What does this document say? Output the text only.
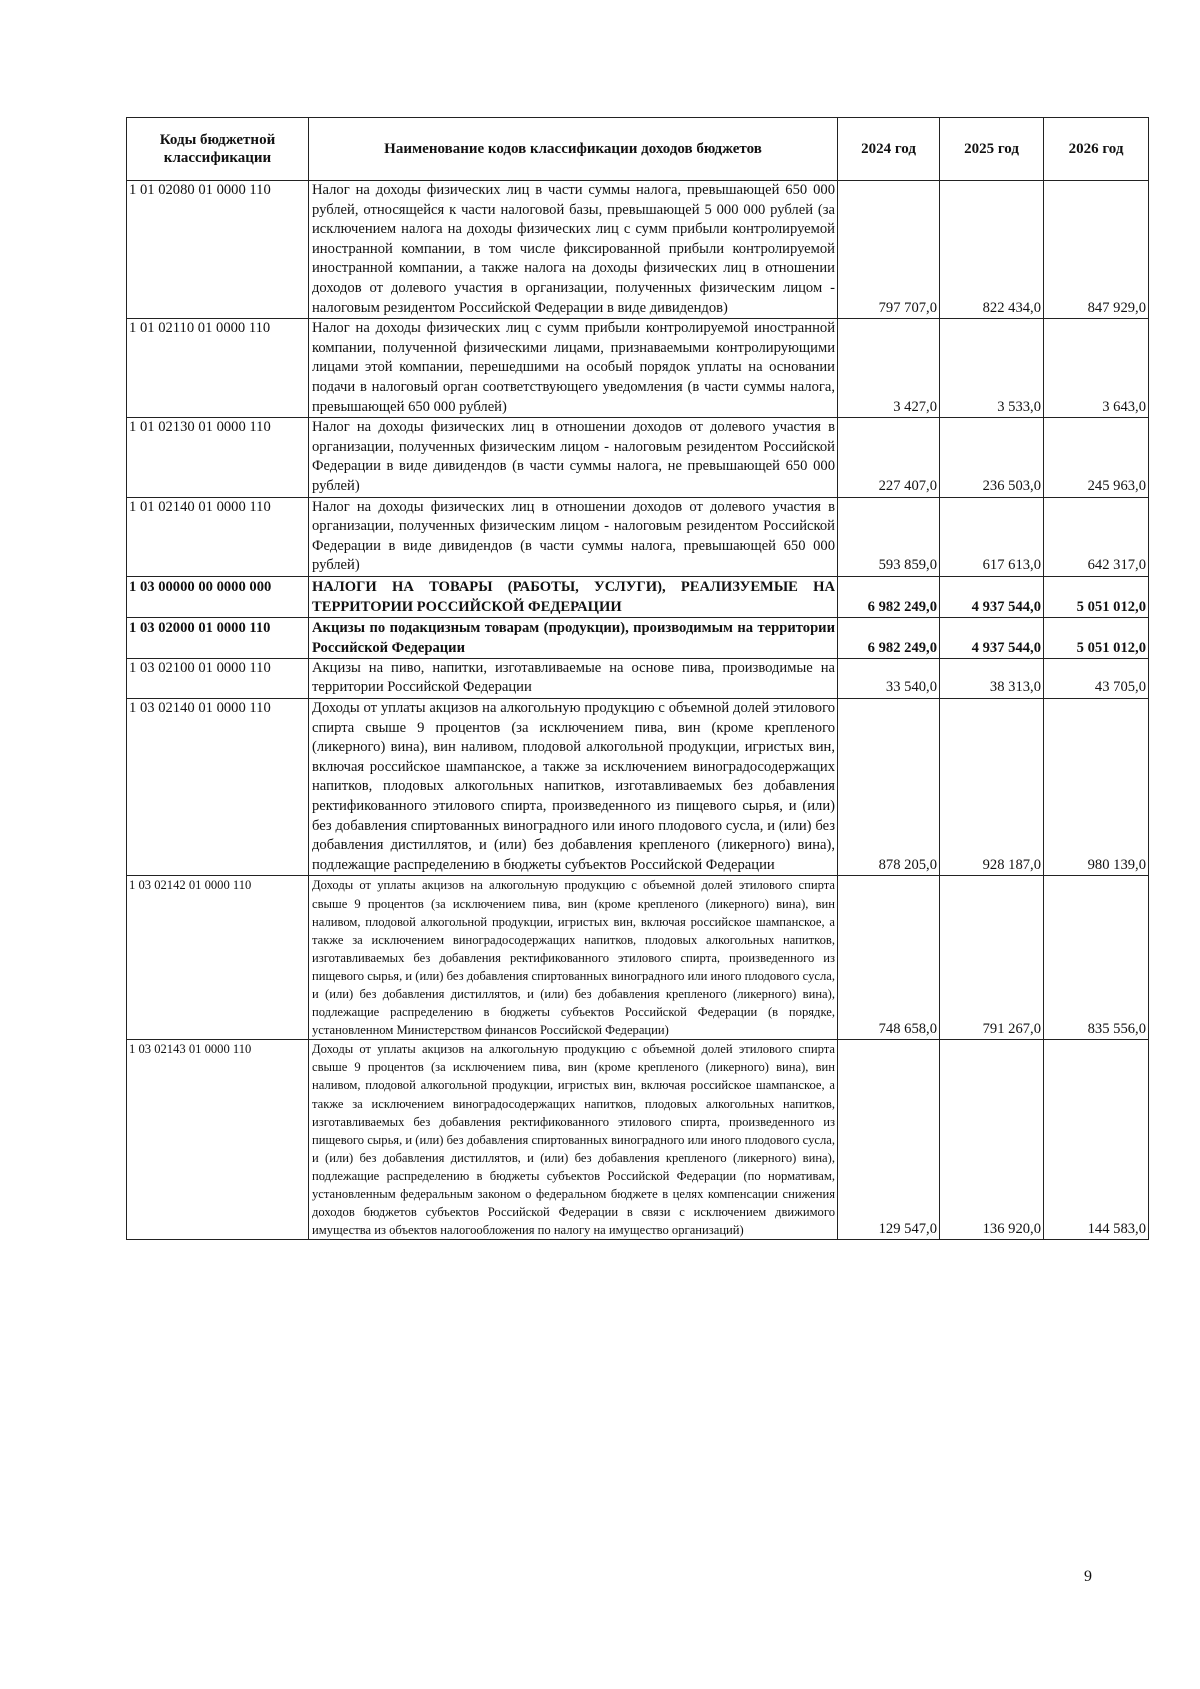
Коды бюджетной классификации	Наименование кодов классификации доходов бюджетов	2024 год	2025 год	2026 год
1 01 02080 01 0000 110	Налог на доходы физических лиц в части суммы налога, превышающей 650 000 рублей, относящейся к части налоговой базы, превышающей 5 000 000 рублей (за исключением налога на доходы физических лиц с сумм прибыли контролируемой иностранной компании, в том числе фиксированной прибыли контролируемой иностранной компании, а также налога на доходы физических лиц в отношении доходов от долевого участия в организации, полученных физическим лицом - налоговым резидентом Российской Федерации в виде дивидендов)	797 707,0	822 434,0	847 929,0
1 01 02110 01 0000 110	Налог на доходы физических лиц с сумм прибыли контролируемой иностранной компании, полученной физическими лицами, признаваемыми контролирующими лицами этой компании, перешедшими на особый порядок уплаты на основании подачи в налоговый орган соответствующего уведомления (в части суммы налога, превышающей 650 000 рублей)	3 427,0	3 533,0	3 643,0
1 01 02130 01 0000 110	Налог на доходы физических лиц в отношении доходов от долевого участия в организации, полученных физическим лицом - налоговым резидентом Российской Федерации в виде дивидендов (в части суммы налога, не превышающей 650 000 рублей)	227 407,0	236 503,0	245 963,0
1 01 02140 01 0000 110	Налог на доходы физических лиц в отношении доходов от долевого участия в организации, полученных физическим лицом - налоговым резидентом Российской Федерации в виде дивидендов (в части суммы налога, превышающей 650 000 рублей)	593 859,0	617 613,0	642 317,0
1 03 00000 00 0000 000	НАЛОГИ НА ТОВАРЫ (РАБОТЫ, УСЛУГИ), РЕАЛИЗУЕМЫЕ НА ТЕРРИТОРИИ РОССИЙСКОЙ ФЕДЕРАЦИИ	6 982 249,0	4 937 544,0	5 051 012,0
1 03 02000 01 0000 110	Акцизы по подакцизным товарам (продукции), производимым на территории Российской Федерации	6 982 249,0	4 937 544,0	5 051 012,0
1 03 02100 01 0000 110	Акцизы на пиво, напитки, изготавливаемые на основе пива, производимые на территории Российской Федерации	33 540,0	38 313,0	43 705,0
1 03 02140 01 0000 110	Доходы от уплаты акцизов на алкогольную продукцию с объемной долей этилового спирта свыше 9 процентов (за исключением пива, вин (кроме крепленого (ликерного) вина), вин наливом, плодовой алкогольной продукции, игристых вин, включая российское шампанское, а также за исключением виноградосодержащих напитков, плодовых алкогольных напитков, изготавливаемых без добавления ректификованного этилового спирта, произведенного из пищевого сырья, и (или) без добавления спиртованных виноградного или иного плодового сусла, и (или) без добавления дистиллятов, и (или) без добавления крепленого (ликерного) вина), подлежащие распределению в бюджеты субъектов Российской Федерации	878 205,0	928 187,0	980 139,0
1 03 02142 01 0000 110	Доходы от уплаты акцизов на алкогольную продукцию с объемной долей этилового спирта свыше 9 процентов (за исключением пива, вин (кроме крепленого (ликерного) вина), вин наливом, плодовой алкогольной продукции, игристых вин, включая российское шампанское, а также за исключением виноградосодержащих напитков, плодовых алкогольных напитков, изготавливаемых без добавления ректификованного этилового спирта, произведенного из пищевого сырья, и (или) без добавления спиртованных виноградного или иного плодового сусла, и (или) без добавления дистиллятов, и (или) без добавления крепленого (ликерного) вина), подлежащие распределению в бюджеты субъектов Российской Федерации (в порядке, установленном Министерством финансов Российской Федерации)	748 658,0	791 267,0	835 556,0
1 03 02143 01 0000 110	Доходы от уплаты акцизов на алкогольную продукцию с объемной долей этилового спирта свыше 9 процентов (за исключением пива, вин (кроме крепленого (ликерного) вина), вин наливом, плодовой алкогольной продукции, игристых вин, включая российское шампанское, а также за исключением виноградосодержащих напитков, плодовых алкогольных напитков, изготавливаемых без добавления ректификованного этилового спирта, произведенного из пищевого сырья, и (или) без добавления спиртованных виноградного или иного плодового сусла, и (или) без добавления дистиллятов, и (или) без добавления крепленого (ликерного) вина), подлежащие распределению в бюджеты субъектов Российской Федерации (по нормативам, установленным федеральным законом о федеральном бюджете в целях компенсации снижения доходов бюджетов субъектов Российской Федерации в связи с исключением движимого имущества из объектов налогообложения по налогу на имущество организаций)	129 547,0	136 920,0	144 583,0
9
